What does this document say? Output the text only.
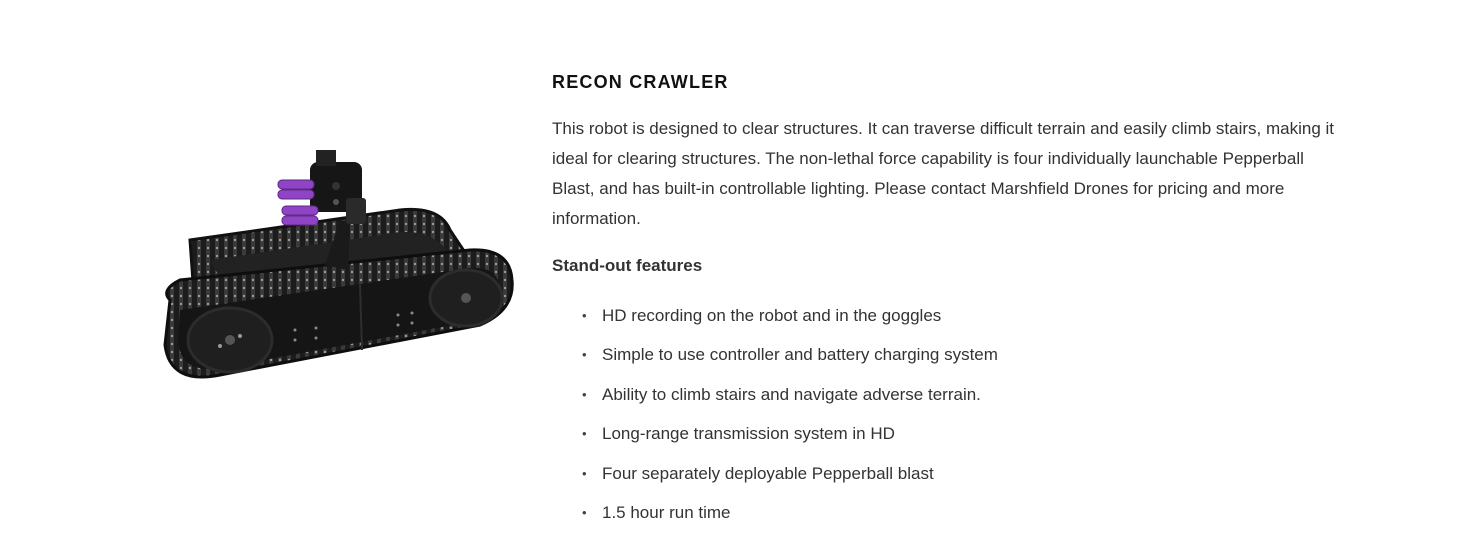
RECON CRAWLER

This robot is designed to clear structures. It can traverse difficult terrain and easily climb stairs, making it ideal for clearing structures. The non-lethal force capability is four individually launchable Pepperball Blast, and has built-in controllable lighting. Please contact Marshfield Drones for pricing and more information.

Stand-out features
• HD recording on the robot and in the goggles
• Simple to use controller and battery charging system
• Ability to climb stairs and navigate adverse terrain.
• Long-range transmission system in HD
• Four separately deployable Pepperball blast
• 1.5 hour run time
